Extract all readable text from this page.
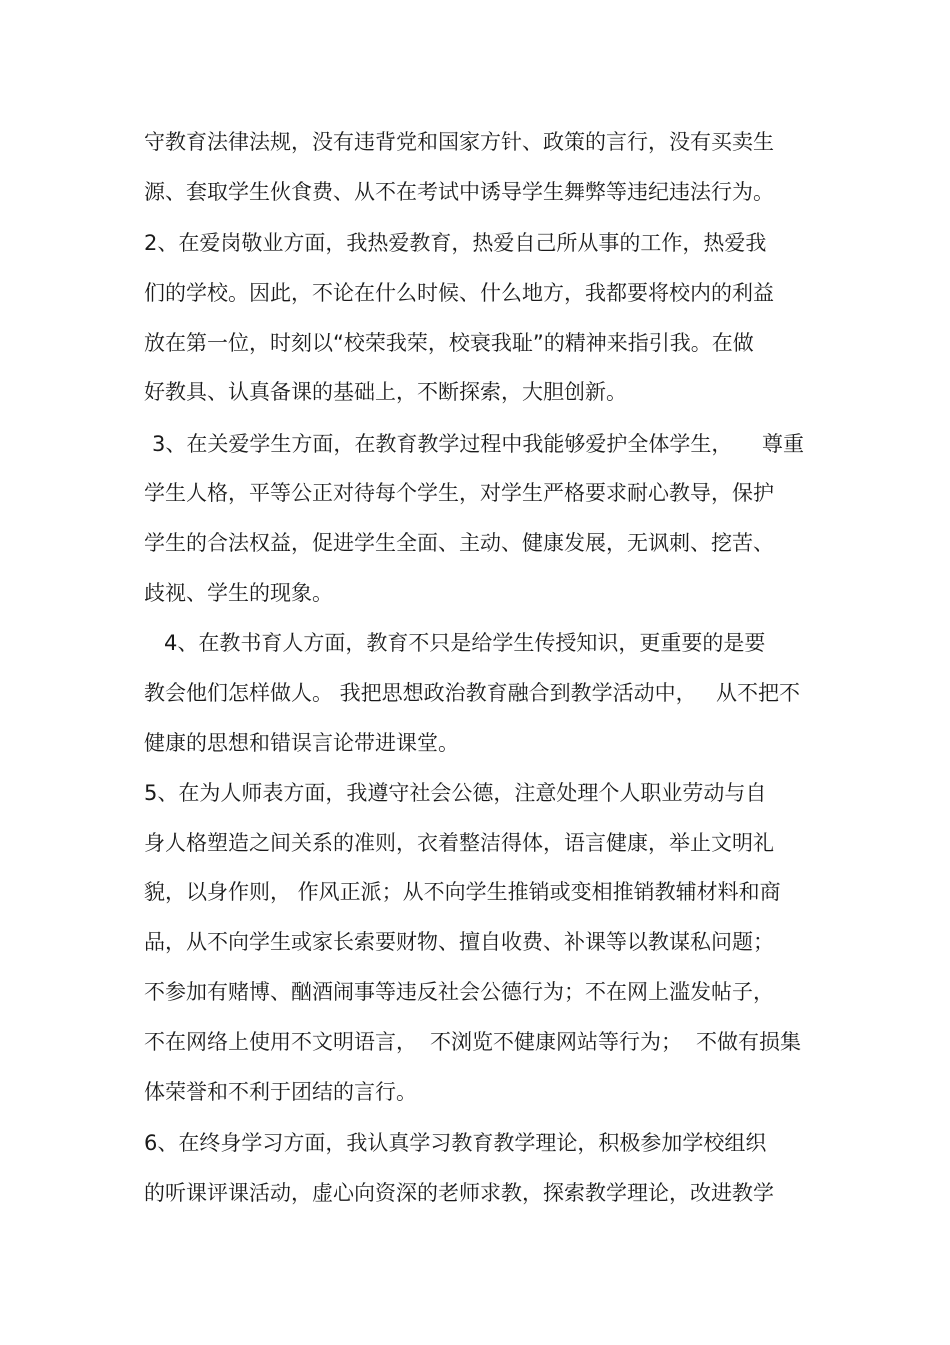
守教育法律法规，没有违背党和国家方针、政策的言行，没有买卖生
源、套取学生伙食费、从不在考试中诱导学生舞弊等违纪违法行为。
2、在爱岗敬业方面，我热爱教育，热爱自己所从事的工作，热爱我
们的学校。因此，不论在什么时候、什么地方，我都要将校内的利益
放在第一位，时刻以“校荣我荣，校衰我耻”的精神来指引我。在做
好教具、认真备课的基础上，不断探索，大胆创新。
3、在关爱学生方面，在教育教学过程中我能够爱护全体学生， 尊重
学生人格，平等公正对待每个学生，对学生严格要求耐心教导，保护
学生的合法权益，促进学生全面、主动、健康发展，无讽刺、挖苦、
歧视、学生的现象。
4、在教书育人方面，教育不只是给学生传授知识，更重要的是要
教会他们怎样做人。 我把思想政治教育融合到教学活动中， 从不把不
健康的思想和错误言论带进课堂。
5、在为人师表方面，我遵守社会公德，注意处理个人职业劳动与自
身人格塑造之间关系的准则，衣着整洁得体，语言健康，举止文明礼
貌，以身作则， 作风正派；从不向学生推销或变相推销教辅材料和商
品，从不向学生或家长索要财物、擅自收费、补课等以教谋私问题；
不参加有赌博、酗酒闹事等违反社会公德行为；不在网上滥发帖子，
不在网络上使用不文明语言， 不浏览不健康网站等行为； 不做有损集
体荣誉和不利于团结的言行。
6、在终身学习方面，我认真学习教育教学理论，积极参加学校组织
的听课评课活动，虚心向资深的老师求教，探索教学理论，改进教学
